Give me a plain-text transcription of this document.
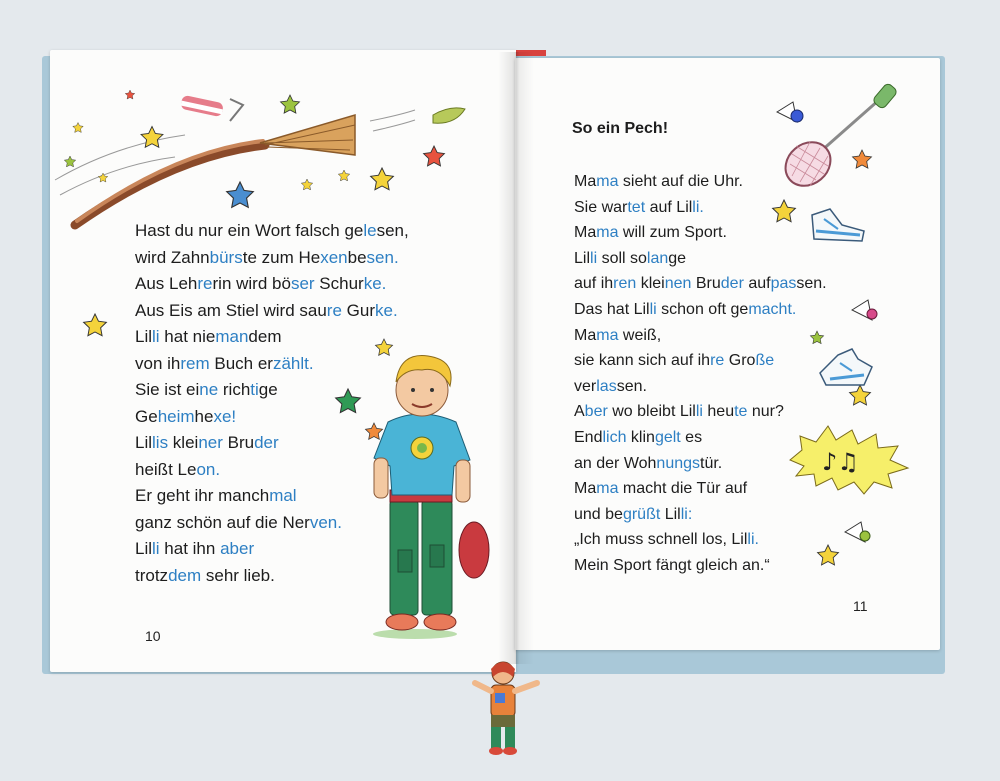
Hast du nur ein Wort falsch gelesen,
wird Zahnbürste zum Hexenbesen.
Aus Lehrerin wird böser Schurke.
Aus Eis am Stiel wird saure Gurke.
Lilli hat niemandem
von ihrem Buch erzählt.
Sie ist eine richtige
Geheimhexe!
Lillis kleiner Bruder
heißt Leon.
Er geht ihr manchmal
ganz schön auf die Nerven.
Lilli hat ihn aber
trotzdem sehr lieb.
10
So ein Pech!
Mama sieht auf die Uhr.
Sie wartet auf Lilli.
Mama will zum Sport.
Lilli soll solange
auf ihren kleinen Bruder aufpassen.
Das hat Lilli schon oft gemacht.
Mama weiß,
sie kann sich auf ihre Große
verlassen.
Aber wo bleibt Lilli heute nur?
Endlich klingelt es
an der Wohnungstür.
Mama macht die Tür auf
und begrüßt Lilli:
„Ich muss schnell los, Lilli.
Mein Sport fängt gleich an.“
11
♪♫
